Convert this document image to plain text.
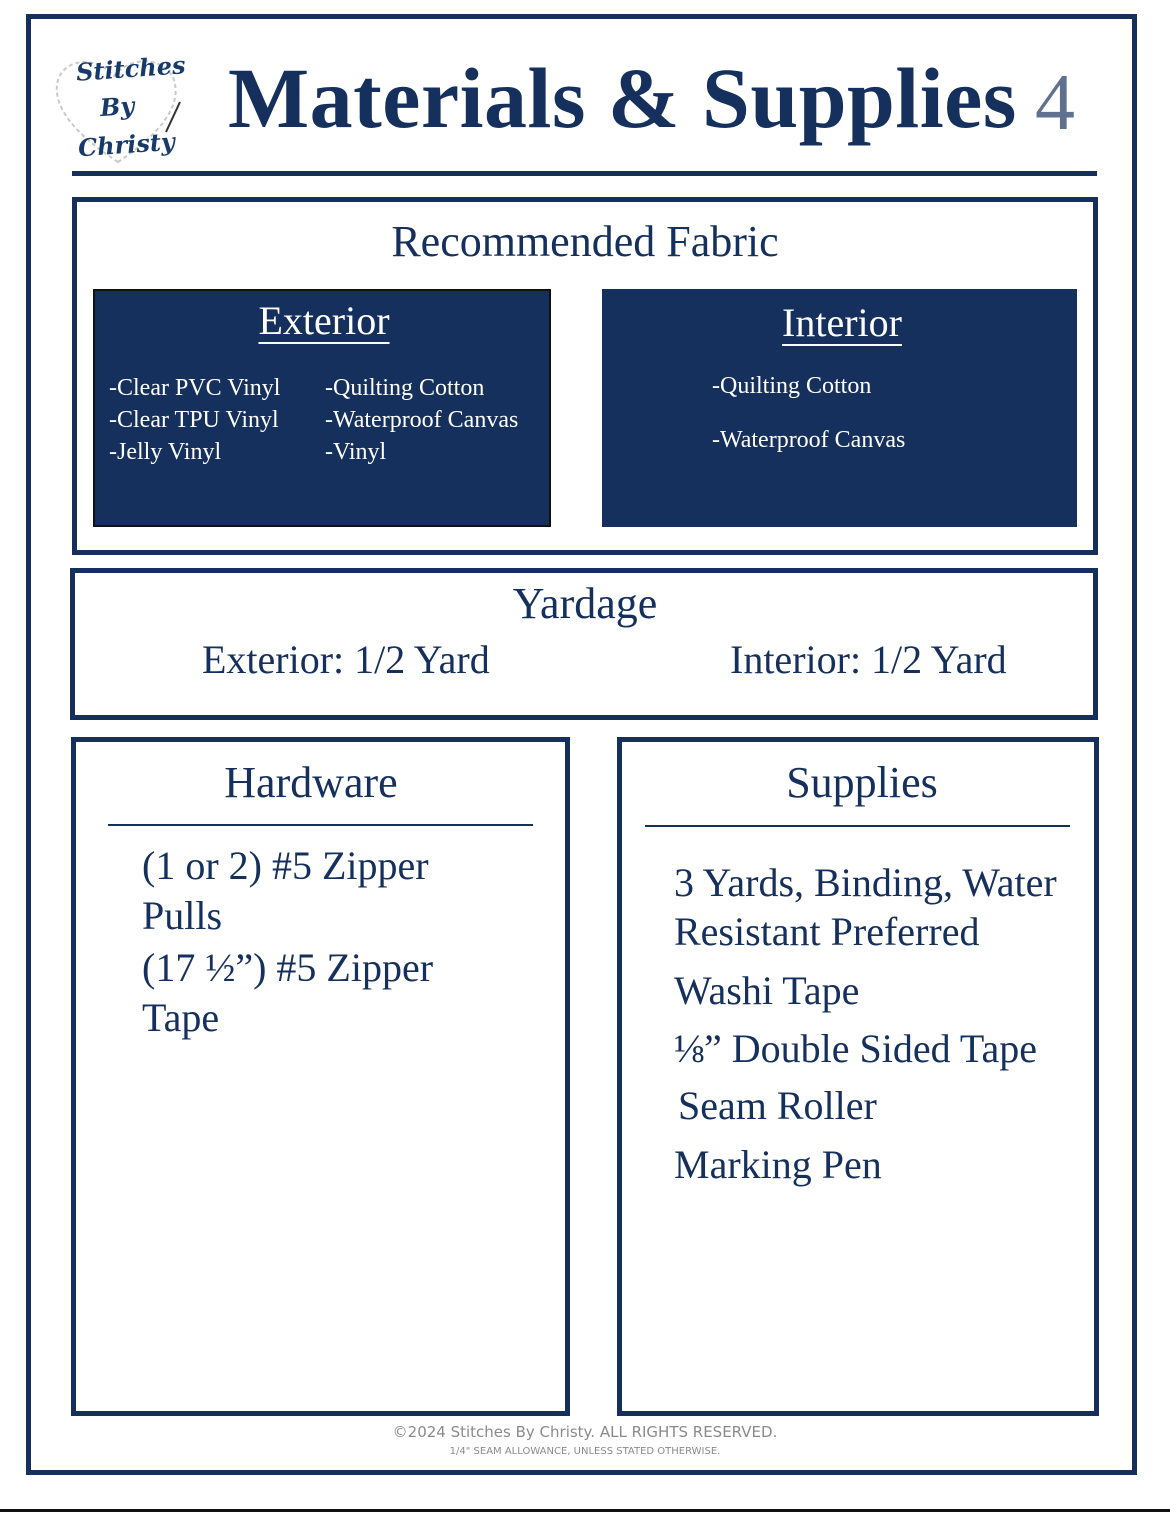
Stitches
By
Christy Materials & Supplies 4
Recommended Fabric
Exterior
-Clear PVC Vinyl
-Clear TPU Vinyl
-Jelly Vinyl
-Quilting Cotton
-Waterproof Canvas
-Vinyl
Interior
-Quilting Cotton
-Waterproof Canvas
Yardage
Exterior: 1/2 Yard	Interior: 1/2 Yard
Hardware
(1 or 2) #5 Zipper
Pulls
(17 ½”) #5 Zipper
Tape
Supplies
3 Yards, Binding, Water
Resistant Preferred
Washi Tape
⅛” Double Sided Tape
Seam Roller
Marking Pen
©2024 Stitches By Christy. ALL RIGHTS RESERVED.
1/4" SEAM ALLOWANCE, UNLESS STATED OTHERWISE.
